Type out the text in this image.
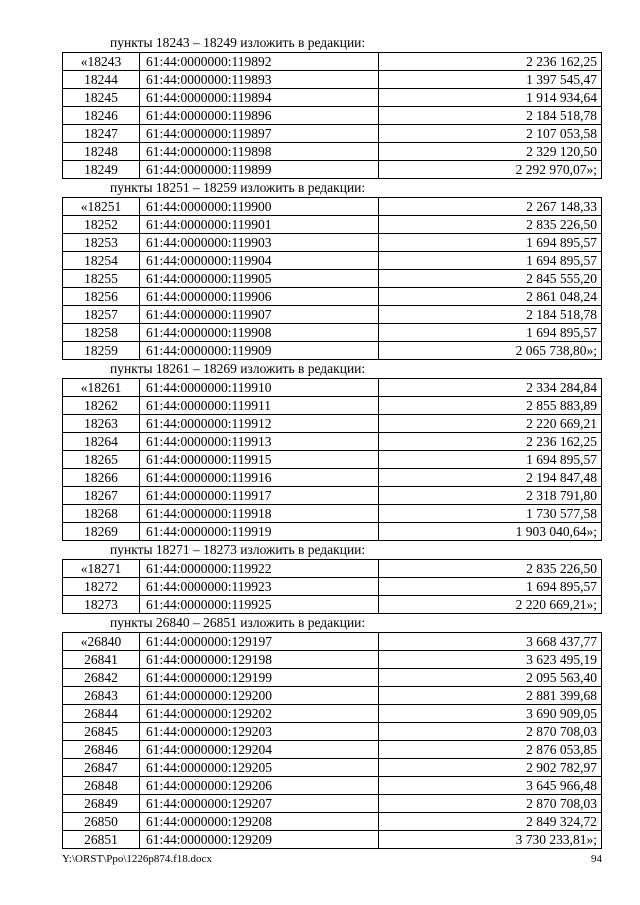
пункты 18243 – 18249 изложить в редакции:
«18243	61:44:0000000:119892	2 236 162,25
18244	61:44:0000000:119893	1 397 545,47
18245	61:44:0000000:119894	1 914 934,64
18246	61:44:0000000:119896	2 184 518,78
18247	61:44:0000000:119897	2 107 053,58
18248	61:44:0000000:119898	2 329 120,50
18249	61:44:0000000:119899	2 292 970,07»;
пункты 18251 – 18259 изложить в редакции:
«18251	61:44:0000000:119900	2 267 148,33
18252	61:44:0000000:119901	2 835 226,50
18253	61:44:0000000:119903	1 694 895,57
18254	61:44:0000000:119904	1 694 895,57
18255	61:44:0000000:119905	2 845 555,20
18256	61:44:0000000:119906	2 861 048,24
18257	61:44:0000000:119907	2 184 518,78
18258	61:44:0000000:119908	1 694 895,57
18259	61:44:0000000:119909	2 065 738,80»;
пункты 18261 – 18269 изложить в редакции:
«18261	61:44:0000000:119910	2 334 284,84
18262	61:44:0000000:119911	2 855 883,89
18263	61:44:0000000:119912	2 220 669,21
18264	61:44:0000000:119913	2 236 162,25
18265	61:44:0000000:119915	1 694 895,57
18266	61:44:0000000:119916	2 194 847,48
18267	61:44:0000000:119917	2 318 791,80
18268	61:44:0000000:119918	1 730 577,58
18269	61:44:0000000:119919	1 903 040,64»;
пункты 18271 – 18273 изложить в редакции:
«18271	61:44:0000000:119922	2 835 226,50
18272	61:44:0000000:119923	1 694 895,57
18273	61:44:0000000:119925	2 220 669,21»;
пункты 26840 – 26851 изложить в редакции:
«26840	61:44:0000000:129197	3 668 437,77
26841	61:44:0000000:129198	3 623 495,19
26842	61:44:0000000:129199	2 095 563,40
26843	61:44:0000000:129200	2 881 399,68
26844	61:44:0000000:129202	3 690 909,05
26845	61:44:0000000:129203	2 870 708,03
26846	61:44:0000000:129204	2 876 053,85
26847	61:44:0000000:129205	2 902 782,97
26848	61:44:0000000:129206	3 645 966,48
26849	61:44:0000000:129207	2 870 708,03
26850	61:44:0000000:129208	2 849 324,72
26851	61:44:0000000:129209	3 730 233,81»;
Y:\ORST\Ppo\1226p874.f18.docx	94
